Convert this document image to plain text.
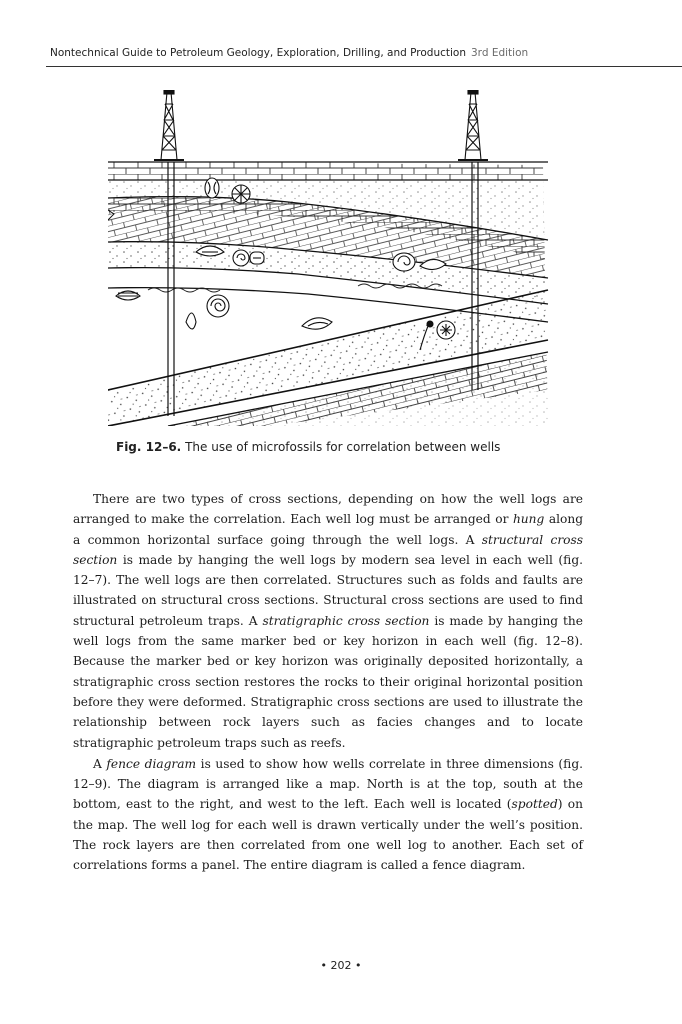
Nontechnical Guide to Petroleum Geology, Exploration, Drilling, and Production 3rd Edition
Fig. 12–6. The use of microfossils for correlation between wells

There are two types of cross sections, depending on how the well logs are arranged to make the correlation. Each well log must be arranged or hung along a common horizontal surface going through the well logs. A structural cross section is made by hanging the well logs by modern sea level in each well (fig. 12–7). The well logs are then correlated. Structures such as folds and faults are illustrated on structural cross sections. Structural cross sections are used to find structural petroleum traps. A stratigraphic cross section is made by hanging the well logs from the same marker bed or key horizon in each well (fig. 12–8). Because the marker bed or key horizon was originally deposited horizontally, a stratigraphic cross section restores the rocks to their original horizontal position before they were deformed. Stratigraphic cross sections are used to illustrate the relationship between rock layers such as facies changes and to locate stratigraphic petroleum traps such as reefs.

A fence diagram is used to show how wells correlate in three dimensions (fig. 12–9). The diagram is arranged like a map. North is at the top, south at the bottom, east to the right, and west to the left. Each well is located (spotted) on the map. The well log for each well is drawn vertically under the well’s position. The rock layers are then correlated from one well log to another. Each set of correlations forms a panel. The entire diagram is called a fence diagram.

• 202 •
